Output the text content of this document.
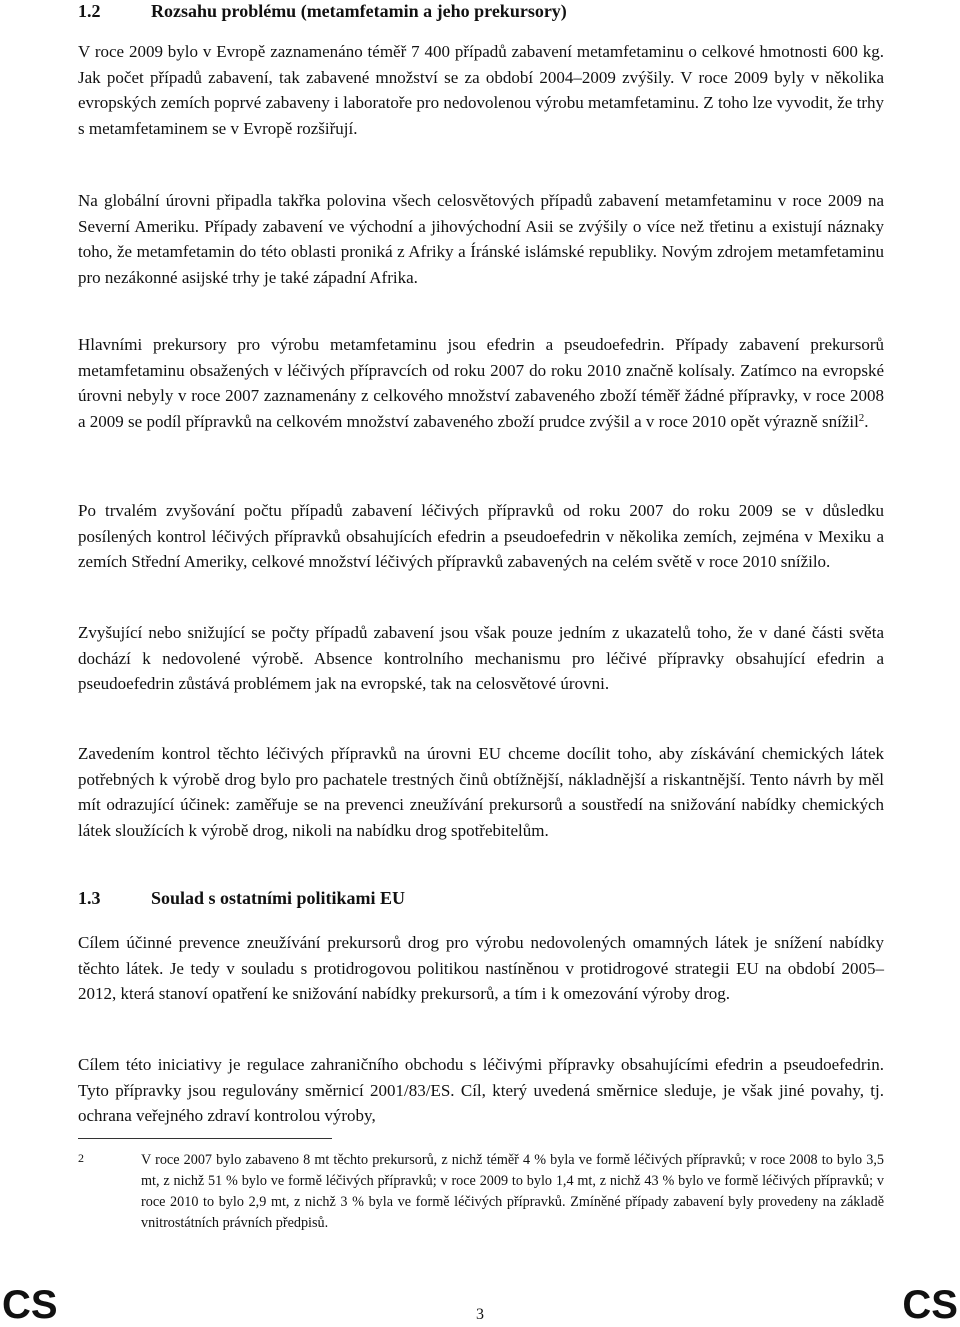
1.2	Rozsahu problému (metamfetamin a jeho prekursory)

V roce 2009 bylo v Evropě zaznamenáno téměř 7 400 případů zabavení metamfetaminu o celkové hmotnosti 600 kg. Jak počet případů zabavení, tak zabavené množství se za období 2004–2009 zvýšily. V roce 2009 byly v několika evropských zemích poprvé zabaveny i laboratoře pro nedovolenou výrobu metamfetaminu. Z toho lze vyvodit, že trhy s metamfetaminem se v Evropě rozšiřují.

Na globální úrovni připadla takřka polovina všech celosvětových případů zabavení metamfetaminu v roce 2009 na Severní Ameriku. Případy zabavení ve východní a jihovýchodní Asii se zvýšily o více než třetinu a existují náznaky toho, že metamfetamin do této oblasti proniká z Afriky a Íránské islámské republiky. Novým zdrojem metamfetaminu pro nezákonné asijské trhy je také západní Afrika.

Hlavními prekursory pro výrobu metamfetaminu jsou efedrin a pseudoefedrin. Případy zabavení prekursorů metamfetaminu obsažených v léčivých přípravcích od roku 2007 do roku 2010 značně kolísaly. Zatímco na evropské úrovni nebyly v roce 2007 zaznamenány z celkového množství zabaveného zboží téměř žádné přípravky, v roce 2008 a 2009 se podíl přípravků na celkovém množství zabaveného zboží prudce zvýšil a v roce 2010 opět výrazně snížil$^2$.

Po trvalém zvyšování počtu případů zabavení léčivých přípravků od roku 2007 do roku 2009 se v důsledku posílených kontrol léčivých přípravků obsahujících efedrin a pseudoefedrin v několika zemích, zejména v Mexiku a zemích Střední Ameriky, celkové množství léčivých přípravků zabavených na celém světě v roce 2010 snížilo.

Zvyšující nebo snižující se počty případů zabavení jsou však pouze jedním z ukazatelů toho, že v dané části světa dochází k nedovolené výrobě. Absence kontrolního mechanismu pro léčivé přípravky obsahující efedrin a pseudoefedrin zůstává problémem jak na evropské, tak na celosvětové úrovni.

Zavedením kontrol těchto léčivých přípravků na úrovni EU chceme docílit toho, aby získávání chemických látek potřebných k výrobě drog bylo pro pachatele trestných činů obtížnější, nákladnější a riskantnější. Tento návrh by měl mít odrazující účinek: zaměřuje se na prevenci zneužívání prekursorů a soustředí na snižování nabídky chemických látek sloužících k výrobě drog, nikoli na nabídku drog spotřebitelům.

1.3	Soulad s ostatními politikami EU

Cílem účinné prevence zneužívání prekursorů drog pro výrobu nedovolených omamných látek je snížení nabídky těchto látek. Je tedy v souladu s protidrogovou politikou nastíněnou v protidrogové strategii EU na období 2005–2012, která stanoví opatření ke snižování nabídky prekursorů, a tím i k omezování výroby drog.

Cílem této iniciativy je regulace zahraničního obchodu s léčivými přípravky obsahujícími efedrin a pseudoefedrin. Tyto přípravky jsou regulovány směrnicí 2001/83/ES. Cíl, který uvedená směrnice sleduje, je však jiné povahy, tj. ochrana veřejného zdraví kontrolou výroby,

2	V roce 2007 bylo zabaveno 8 mt těchto prekursorů, z nichž téměř 4 % byla ve formě léčivých přípravků; v roce 2008 to bylo 3,5 mt, z nichž 51 % bylo ve formě léčivých přípravků; v roce 2009 to bylo 1,4 mt, z nichž 43 % bylo ve formě léčivých přípravků; v roce 2010 to bylo 2,9 mt, z nichž 3 % byla ve formě léčivých přípravků. Zmíněné případy zabavení byly provedeny na základě vnitrostátních právních předpisů.
CS	3	CS
